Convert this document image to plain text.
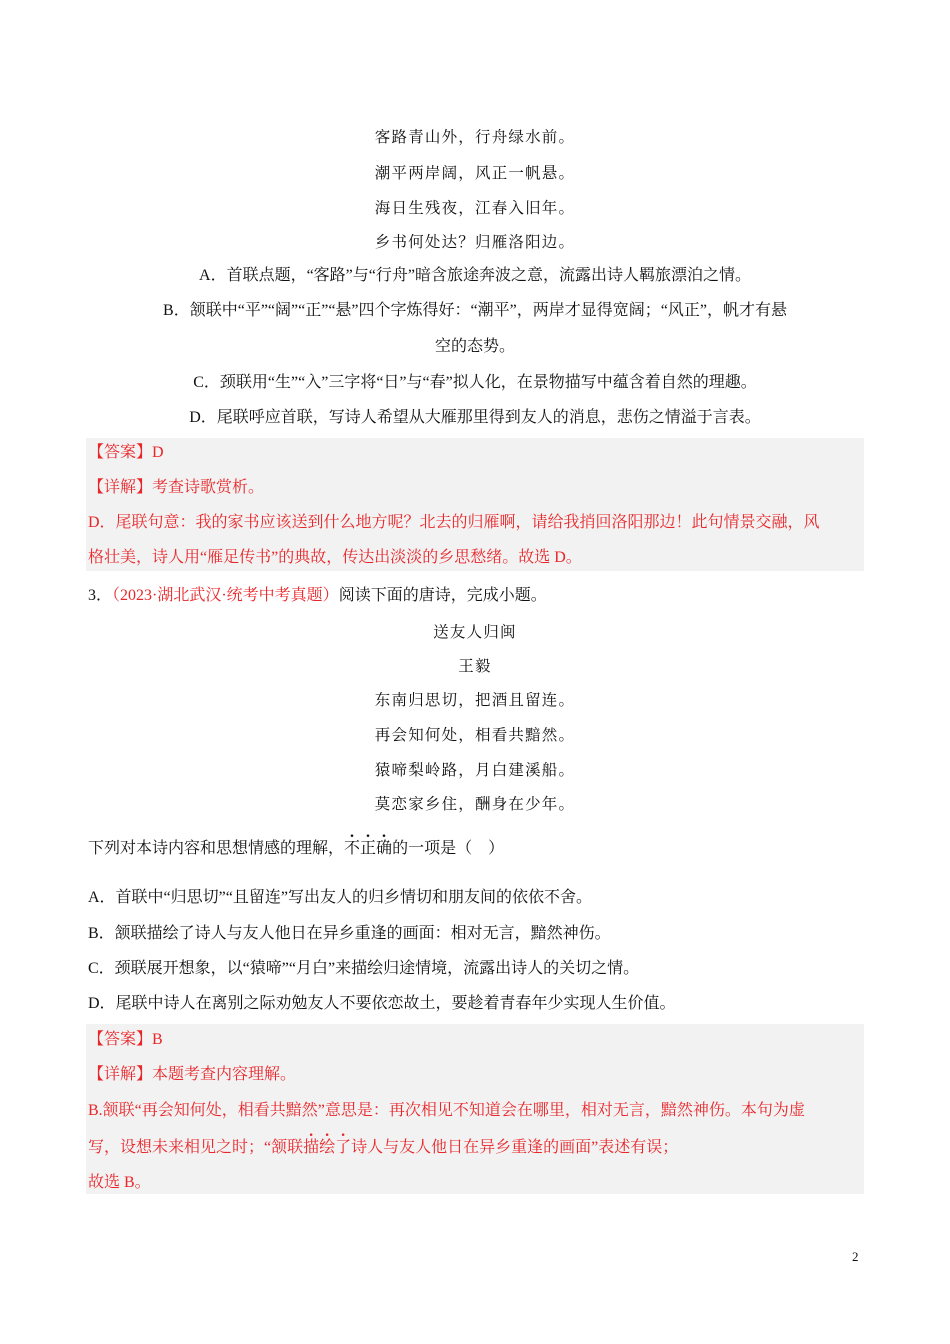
客路青山外，行舟绿水前。
潮平两岸阔，风正一帆悬。
海日生残夜，江春入旧年。
乡书何处达？归雁洛阳边。
A．首联点题，“客路”与“行舟”暗含旅途奔波之意，流露出诗人羁旅漂泊之情。
B．颔联中“平”“阔”“正”“悬”四个字炼得好：“潮平”，两岸才显得宽阔；“风正”，帆才有悬
空的态势。
C．颈联用“生”“入”三字将“日”与“春”拟人化，在景物描写中蕴含着自然的理趣。
D．尾联呼应首联，写诗人希望从大雁那里得到友人的消息，悲伤之情溢于言表。
【答案】D
【详解】考查诗歌赏析。
D．尾联句意：我的家书应该送到什么地方呢？北去的归雁啊，请给我捎回洛阳那边！此句情景交融，风
格壮美，诗人用“雁足传书”的典故，传达出淡淡的乡思愁绪。故选 D。
3．（2023·湖北武汉·统考中考真题）阅读下面的唐诗，完成小题。
送友人归闽
王毅
东南归思切，把酒且留连。
再会知何处，相看共黯然。
猿啼梨岭路，月白建溪船。
莫恋家乡住，酬身在少年。
下列对本诗内容和思想情感的理解，不正确的一项是（　）
A．首联中“归思切”“且留连”写出友人的归乡情切和朋友间的依依不舍。
B．颔联描绘了诗人与友人他日在异乡重逢的画面：相对无言，黯然神伤。
C．颈联展开想象，以“猿啼”“月白”来描绘归途情境，流露出诗人的关切之情。
D．尾联中诗人在离别之际劝勉友人不要依恋故土，要趁着青春年少实现人生价值。
【答案】B
【详解】本题考查内容理解。
B.颔联“再会知何处，相看共黯然”意思是：再次相见不知道会在哪里，相对无言，黯然神伤。本句为虚
写，设想未来相见之时；“颔联描绘了诗人与友人他日在异乡重逢的画面”表述有误；
故选 B。
2
